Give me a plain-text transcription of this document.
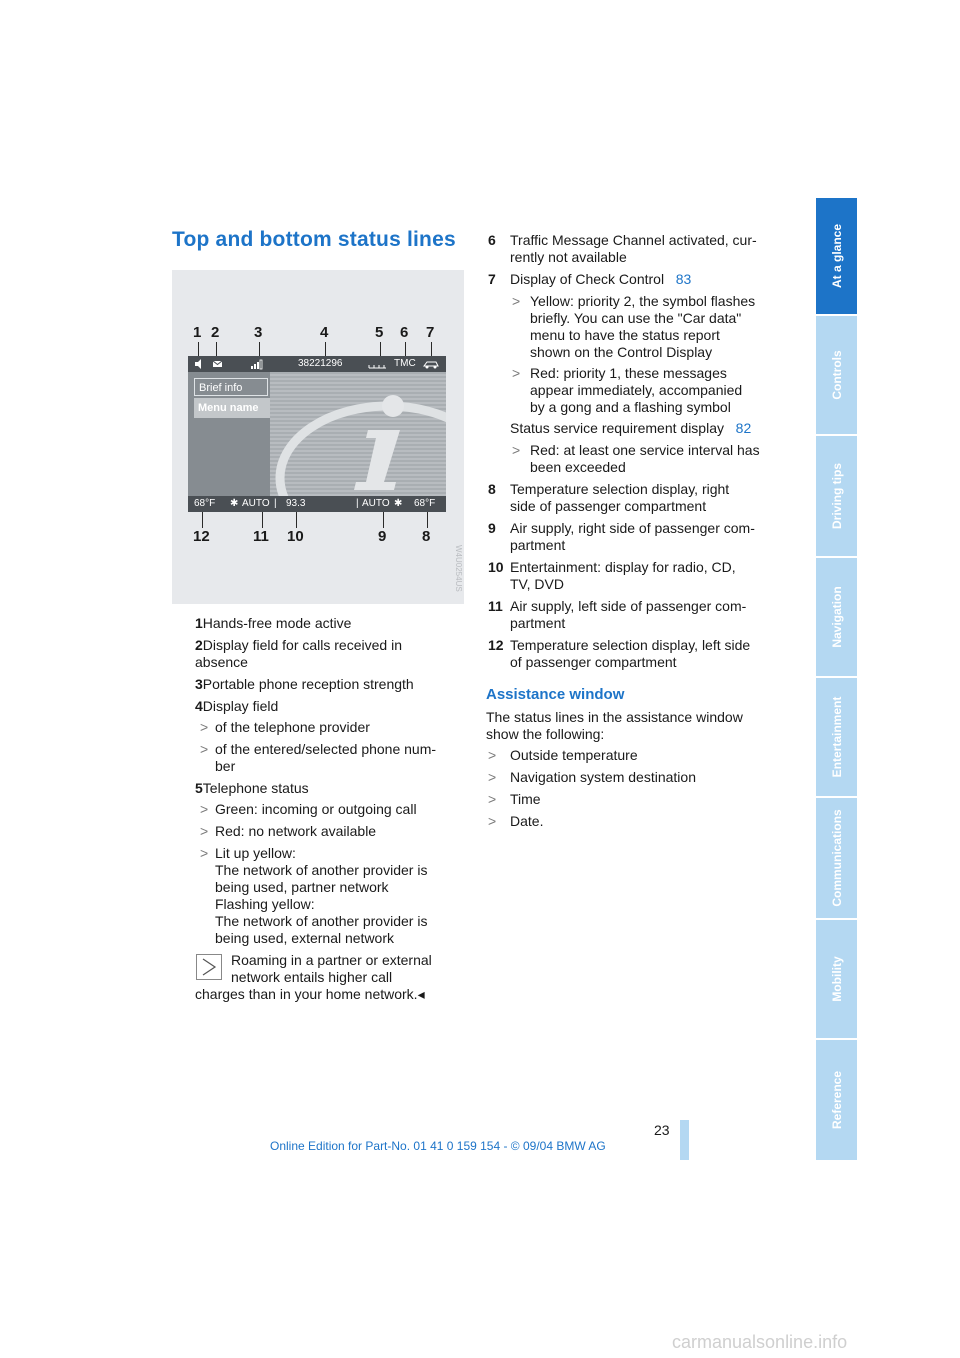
Top and bottom status lines
1 2 3	4	5 6 7
38221296	TMC
Brief info
Menu name
68°F ✱ AUTO | 93.3	| AUTO ✱ 68°F
12	11 10	9 8
W4U0254US
1 Hands-free mode active
2 Display field for calls received in
absence
3 Portable phone reception strength
4 Display field
> of the telephone provider
> of the entered/selected phone num-
ber
5 Telephone status
> Green: incoming or outgoing call
> Red: no network available
> Lit up yellow:
The network of another provider is
being used, partner network
Flashing yellow:
The network of another provider is
being used, external network
Roaming in a partner or external
network entails higher call
charges than in your home network.◂
6 Traffic Message Channel activated, cur-
rently not available
7 Display of Check Control 83
> Yellow: priority 2, the symbol flashes
briefly. You can use the "Car data"
menu to have the status report
shown on the Control Display
> Red: priority 1, these messages
appear immediately, accompanied
by a gong and a flashing symbol
Status service requirement display 82
> Red: at least one service interval has
been exceeded
8 Temperature selection display, right
side of passenger compartment
9 Air supply, right side of passenger com-
partment
10 Entertainment: display for radio, CD,
TV, DVD
11 Air supply, left side of passenger com-
partment
12 Temperature selection display, left side
of passenger compartment
Assistance window
The status lines in the assistance window
show the following:
> Outside temperature
> Navigation system destination
> Time
> Date.
At a glance
Controls
Driving tips
Navigation
Entertainment
Communications
Mobility
Reference
23
Online Edition for Part-No. 01 41 0 159 154 - © 09/04 BMW AG
carmanualsonline.info
